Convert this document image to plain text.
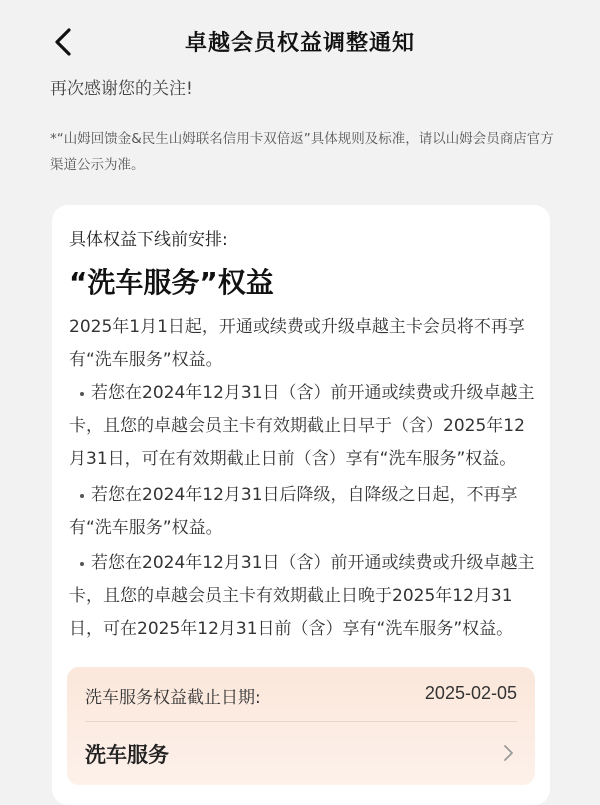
卓越会员权益调整通知
再次感谢您的关注!
*“山姆回馈金&民生山姆联名信用卡双倍返”具体规则及标准，请以山姆会员商店官方渠道公示为准。
具体权益下线前安排:
“洗车服务”权益
2025年1月1日起，开通或续费或升级卓越主卡会员将不再享
有“洗车服务”权益。
若您在2024年12月31日（含）前开通或续费或升级卓越主
卡，且您的卓越会员主卡有效期截止日早于（含）2025年12
月31日，可在有效期截止日前（含）享有“洗车服务”权益。
若您在2024年12月31日后降级，自降级之日起，不再享
有“洗车服务”权益。
若您在2024年12月31日（含）前开通或续费或升级卓越主
卡，且您的卓越会员主卡有效期截止日晚于2025年12月31
日，可在2025年12月31日前（含）享有“洗车服务”权益。
洗车服务权益截止日期:	2025-02-05
洗车服务
